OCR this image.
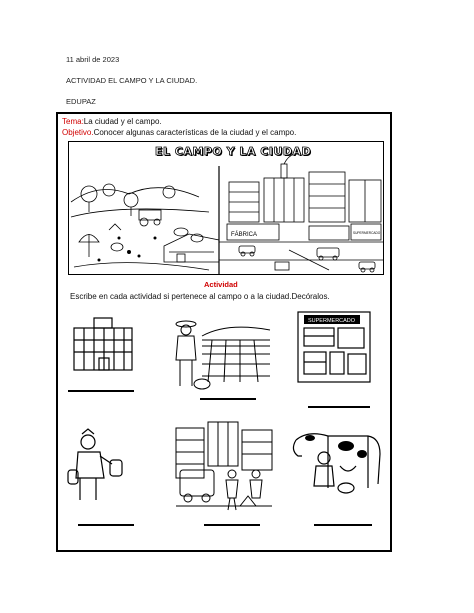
11 abril de 2023
ACTIVIDAD EL CAMPO Y LA CIUDAD.
EDUPAZ
Tema:La ciudad y el campo.
Objetivo.Conocer algunas características de la ciudad y el campo.
FÁBRICA	SUPERMERCADO
EL CAMPO Y LA CIUDAD
Actividad
Escribe en cada actividad si pertenece al campo o a la ciudad.Decóralos.
SUPERMERCADO
